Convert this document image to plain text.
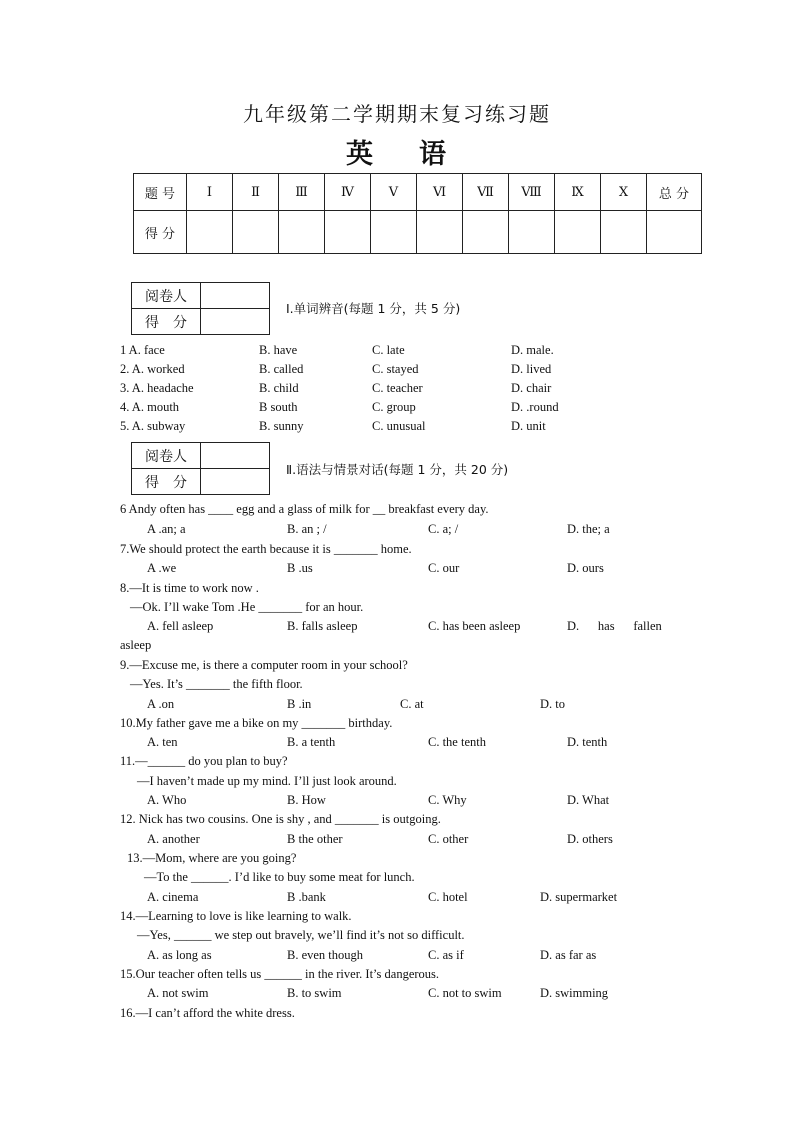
九年级第二学期期末复习练习题
英 语
题 号	Ⅰ	Ⅱ	Ⅲ	Ⅳ	Ⅴ	Ⅵ	Ⅶ	Ⅷ	Ⅸ	Ⅹ	总 分
得 分											
阅卷人	
得　分	
Ⅰ.单词辨音(每题 1 分，共 5 分)
1 A. face	B. have	C. late	D. male.
2. A. worked	B. called	C. stayed	D. lived
3. A. headache	B. child	C. teacher	D. chair
4. A. mouth	B south	C. group	D. .round
5. A. subway	B. sunny	C. unusual	D. unit
阅卷人	
得　分	
Ⅱ.语法与情景对话(每题 1 分，共 20 分)
6 Andy often has ____ egg and a glass of milk for __ breakfast every day.
A .an; a	B. an ; /	C. a; /	D. the; a
7.We should protect the earth because it is _______ home.
A .we	B .us	C. our	D. ours
8.—It is time to work now .
—Ok. I’ll wake Tom .He _______ for an hour.
A. fell asleep	B. falls asleep	C. has been asleep	D.      has      fallen
asleep
9.—Excuse me, is there a computer room in your school?
—Yes. It’s _______ the fifth floor.
A .on	B .in	C. at	D. to
10.My father gave me a bike on my _______ birthday.
A. ten	B. a tenth	C. the tenth	D. tenth
11.—______ do you plan to buy?
—I haven’t made up my mind. I’ll just look around.
A. Who	B. How	C. Why	D. What
12. Nick has two cousins. One is shy , and _______ is outgoing.
A. another	B the other	C. other	D. others
13.—Mom, where are you going?
—To the ______. I’d like to buy some meat for lunch.
A. cinema	B .bank	C. hotel	D. supermarket
14.—Learning to love is like learning to walk.
—Yes, ______ we step out bravely, we’ll find it’s not so difficult.
A. as long as	B. even though	C. as if	D. as far as
15.Our teacher often tells us ______ in the river. It’s dangerous.
A. not swim	B. to swim	C. not to swim	D. swimming
16.—I can’t afford the white dress.
